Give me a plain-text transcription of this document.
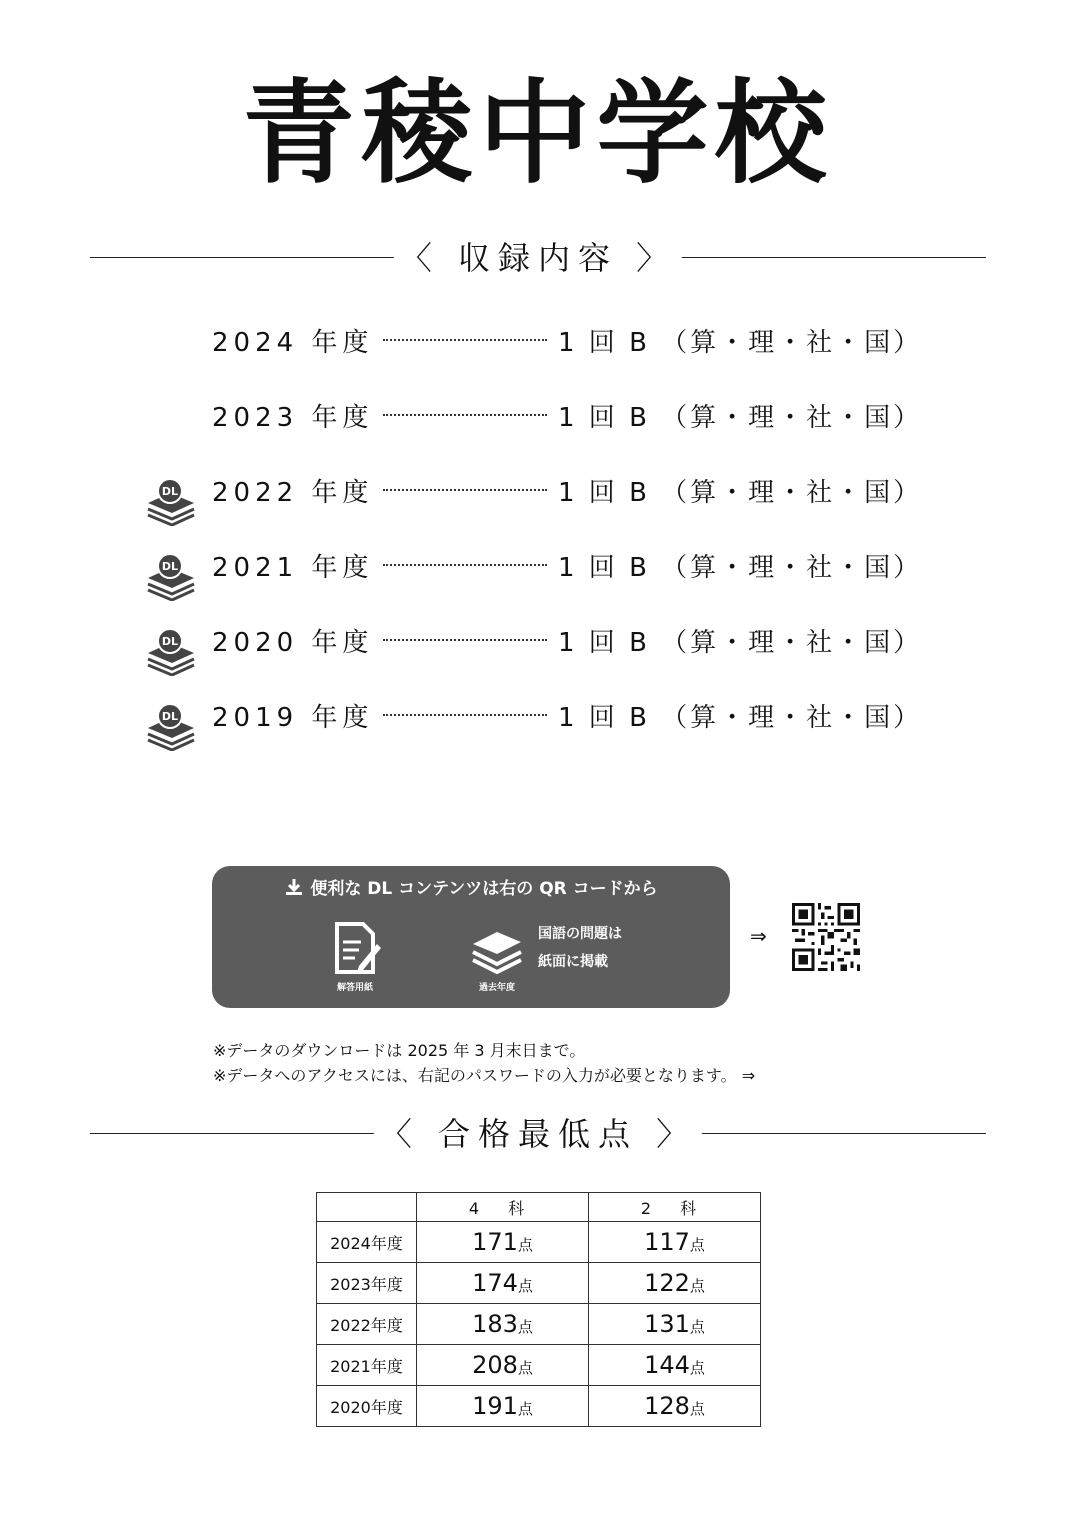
青稜中学校
〈 収録内容 〉
2024 年度	1 回 B （算・理・社・国）
2023 年度	1 回 B （算・理・社・国）
DL 2022 年度	1 回 B （算・理・社・国）
DL 2021 年度	1 回 B （算・理・社・国）
DL 2020 年度	1 回 B （算・理・社・国）
DL 2019 年度	1 回 B （算・理・社・国）
便利な DL コンテンツは右の QR コードから
解答用紙	過去年度
国語の問題は
紙面に掲載
⇒
※データのダウンロードは 2025 年 3 月末日まで。
※データへのアクセスには、右記のパスワードの入力が必要となります。 ⇒
〈 合格最低点 〉
	4 科	2 科
2024年度	171点	117点
2023年度	174点	122点
2022年度	183点	131点
2021年度	208点	144点
2020年度	191点	128点
